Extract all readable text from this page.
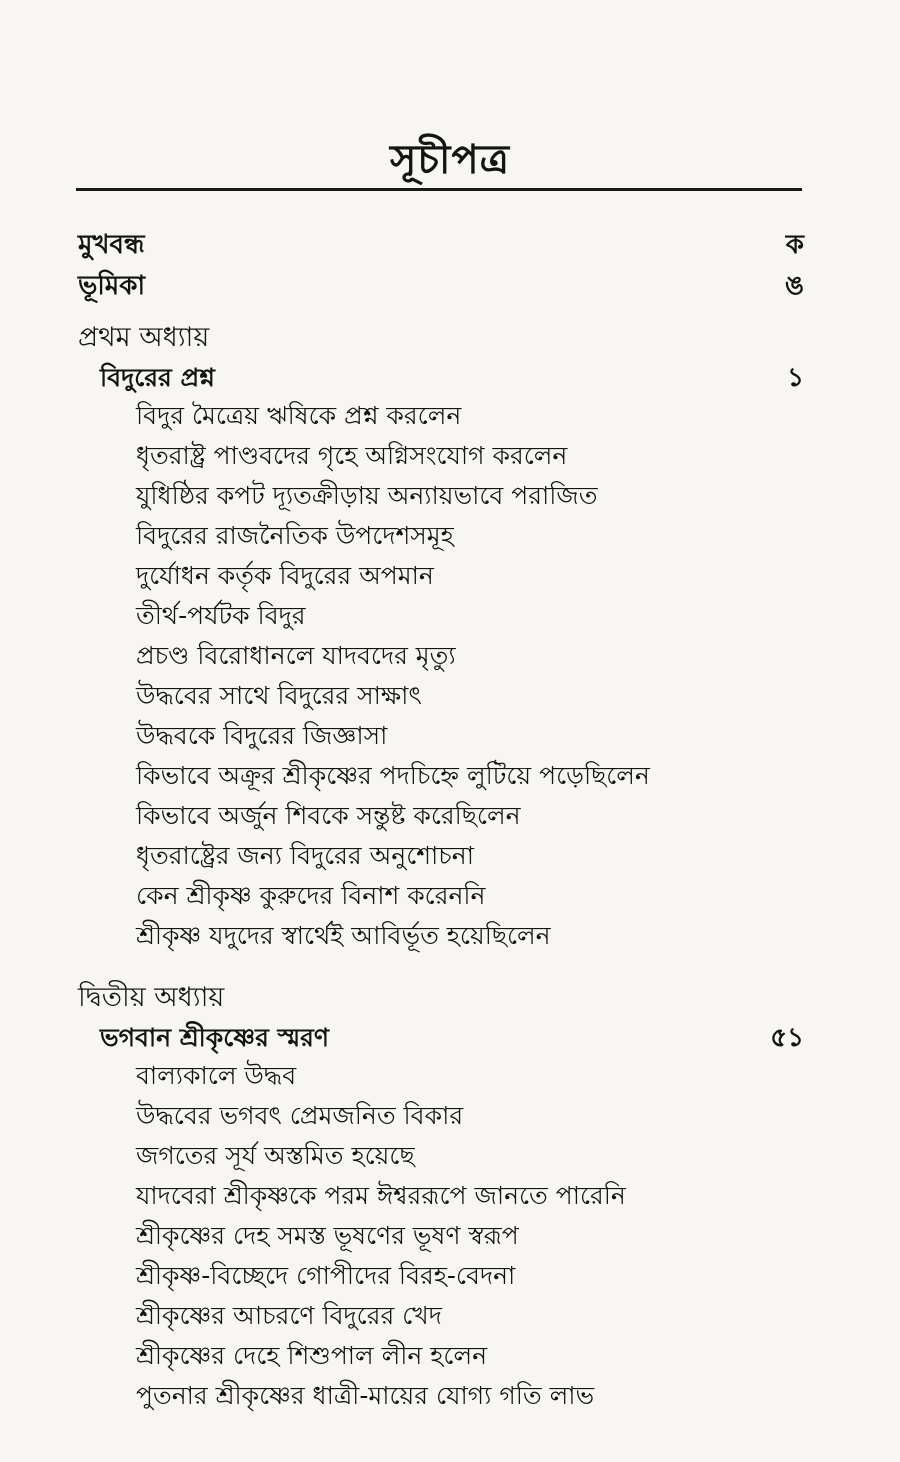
সূচীপত্র
মুখবন্ধ	ক
ভূমিকা	ঙ
প্রথম অধ্যায়
বিদুরের প্রশ্ন	১
বিদুর মৈত্রেয় ঋষিকে প্রশ্ন করলেন
ধৃতরাষ্ট্র পাণ্ডবদের গৃহে অগ্নিসংযোগ করলেন
যুধিষ্ঠির কপট দ্যূতক্রীড়ায় অন্যায়ভাবে পরাজিত
বিদুরের রাজনৈতিক উপদেশসমূহ
দুর্যোধন কর্তৃক বিদুরের অপমান
তীর্থ-পর্যটক বিদুর
প্রচণ্ড বিরোধানলে যাদবদের মৃত্যু
উদ্ধবের সাথে বিদুরের সাক্ষাৎ
উদ্ধবকে বিদুরের জিজ্ঞাসা
কিভাবে অক্রূর শ্রীকৃষ্ণের পদচিহ্নে লুটিয়ে পড়েছিলেন
কিভাবে অর্জুন শিবকে সন্তুষ্ট করেছিলেন
ধৃতরাষ্ট্রের জন্য বিদুরের অনুশোচনা
কেন শ্রীকৃষ্ণ কুরুদের বিনাশ করেননি
শ্রীকৃষ্ণ যদুদের স্বার্থেই আবির্ভূত হয়েছিলেন
দ্বিতীয় অধ্যায়
ভগবান শ্রীকৃষ্ণের স্মরণ	৫১
বাল্যকালে উদ্ধব
উদ্ধবের ভগবৎ প্রেমজনিত বিকার
জগতের সূর্য অস্তমিত হয়েছে
যাদবেরা শ্রীকৃষ্ণকে পরম ঈশ্বররূপে জানতে পারেনি
শ্রীকৃষ্ণের দেহ সমস্ত ভূষণের ভূষণ স্বরূপ
শ্রীকৃষ্ণ-বিচ্ছেদে গোপীদের বিরহ-বেদনা
শ্রীকৃষ্ণের আচরণে বিদুরের খেদ
শ্রীকৃষ্ণের দেহে শিশুপাল লীন হলেন
পুতনার শ্রীকৃষ্ণের ধাত্রী-মায়ের যোগ্য গতি লাভ
